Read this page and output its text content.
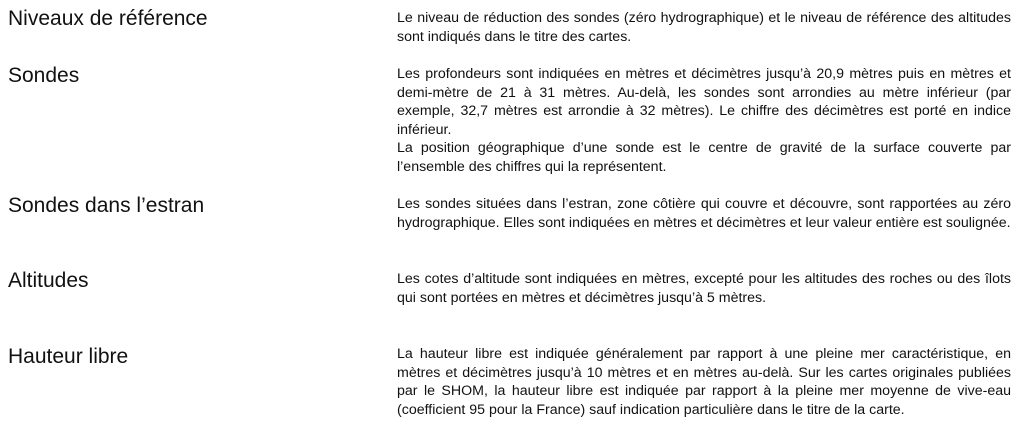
Niveaux de référence	Le niveau de réduction des sondes (zéro hydrographique) et le niveau de référence des altitudes sont indiqués dans le titre des cartes.

Sondes	Les profondeurs sont indiquées en mètres et décimètres jusqu’à 20,9 mètres puis en mètres et demi-mètre de 21 à 31 mètres. Au-delà, les sondes sont arrondies au mètre inférieur (par exemple, 32,7 mètres est arrondie à 32 mètres). Le chiffre des décimètres est porté en indice inférieur.

La position géographique d’une sonde est le centre de gravité de la surface couverte par l’ensemble des chiffres qui la représentent.

Sondes dans l’estran	Les sondes situées dans l’estran, zone côtière qui couvre et découvre, sont rapportées au zéro hydrographique. Elles sont indiquées en mètres et décimètres et leur valeur entière est soulignée.

Altitudes	Les cotes d’altitude sont indiquées en mètres, excepté pour les altitudes des roches ou des îlots qui sont portées en mètres et décimètres jusqu’à 5 mètres.

Hauteur libre	La hauteur libre est indiquée généralement par rapport à une pleine mer caractéristique, en mètres et décimètres jusqu’à 10 mètres et en mètres au-delà. Sur les cartes originales publiées par le SHOM, la hauteur libre est indiquée par rapport à la pleine mer moyenne de vive-eau (coefficient 95 pour la France) sauf indication particulière dans le titre de la carte.
